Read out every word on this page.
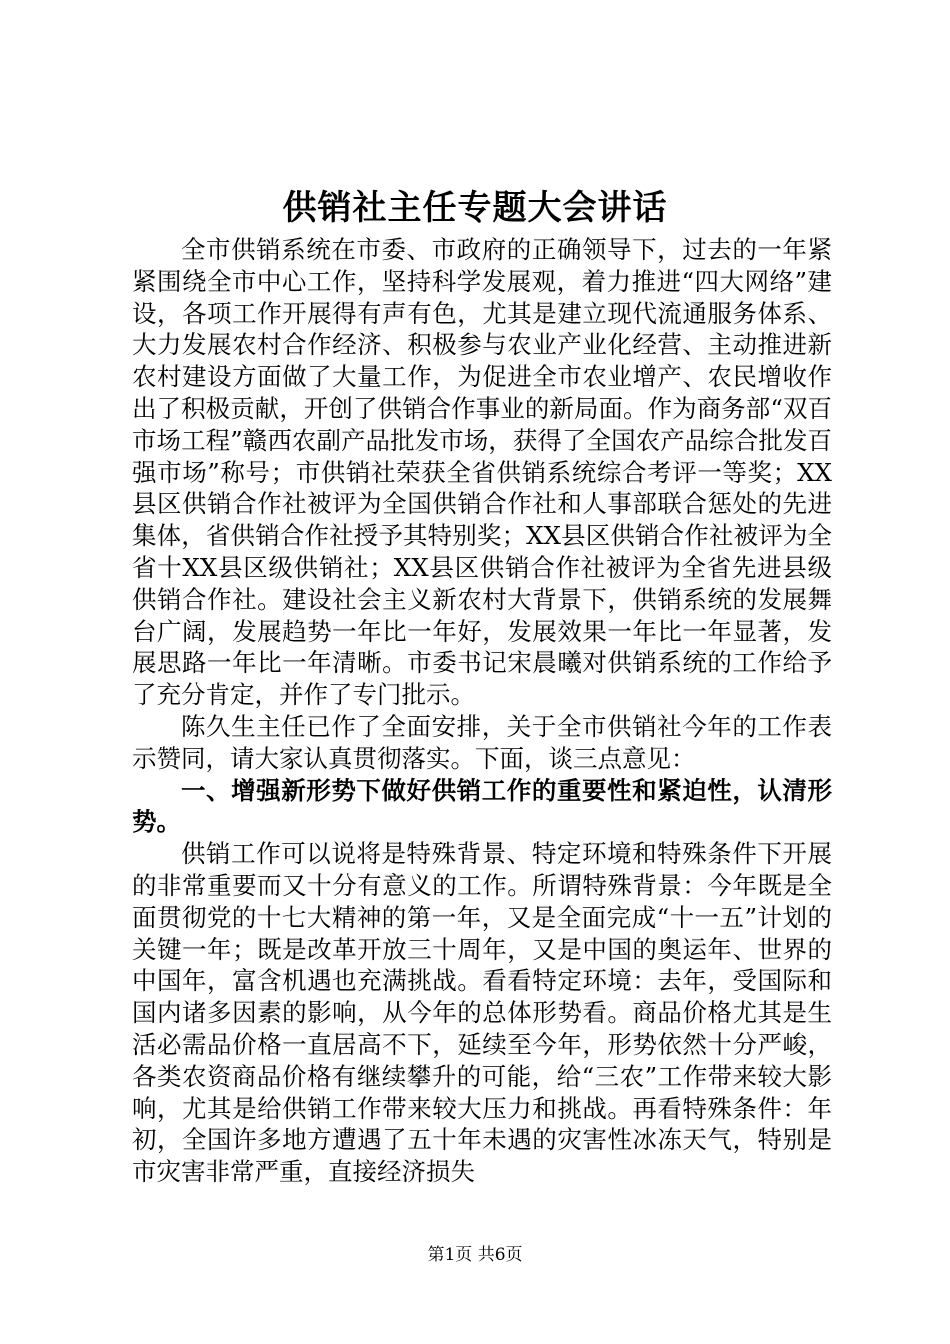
供销社主任专题大会讲话

全市供销系统在市委、市政府的正确领导下，过去的一年紧紧围绕全市中心工作，坚持科学发展观，着力推进“四大网络”建设，各项工作开展得有声有色，尤其是建立现代流通服务体系、大力发展农村合作经济、积极参与农业产业化经营、主动推进新农村建设方面做了大量工作，为促进全市农业增产、农民增收作出了积极贡献，开创了供销合作事业的新局面。作为商务部“双百市场工程”赣西农副产品批发市场，获得了全国农产品综合批发百强市场”称号；市供销社荣获全省供销系统综合考评一等奖；XX县区供销合作社被评为全国供销合作社和人事部联合惩处的先进集体，省供销合作社授予其特别奖；XX县区供销合作社被评为全省十XX县区级供销社；XX县区供销合作社被评为全省先进县级供销合作社。建设社会主义新农村大背景下，供销系统的发展舞台广阔，发展趋势一年比一年好，发展效果一年比一年显著，发展思路一年比一年清晰。市委书记宋晨曦对供销系统的工作给予了充分肯定，并作了专门批示。

陈久生主任已作了全面安排，关于全市供销社今年的工作表示赞同，请大家认真贯彻落实。下面，谈三点意见：

一、增强新形势下做好供销工作的重要性和紧迫性，认清形势。

供销工作可以说将是特殊背景、特定环境和特殊条件下开展的非常重要而又十分有意义的工作。所谓特殊背景：今年既是全面贯彻党的十七大精神的第一年，又是全面完成“十一五”计划的关键一年；既是改革开放三十周年，又是中国的奥运年、世界的中国年，富含机遇也充满挑战。看看特定环境：去年，受国际和国内诸多因素的影响，从今年的总体形势看。商品价格尤其是生活必需品价格一直居高不下，延续至今年，形势依然十分严峻，各类农资商品价格有继续攀升的可能，给“三农”工作带来较大影响，尤其是给供销工作带来较大压力和挑战。再看特殊条件：年初，全国许多地方遭遇了五十年未遇的灾害性冰冻天气，特别是市灾害非常严重，直接经济损失

第1页 共6页
